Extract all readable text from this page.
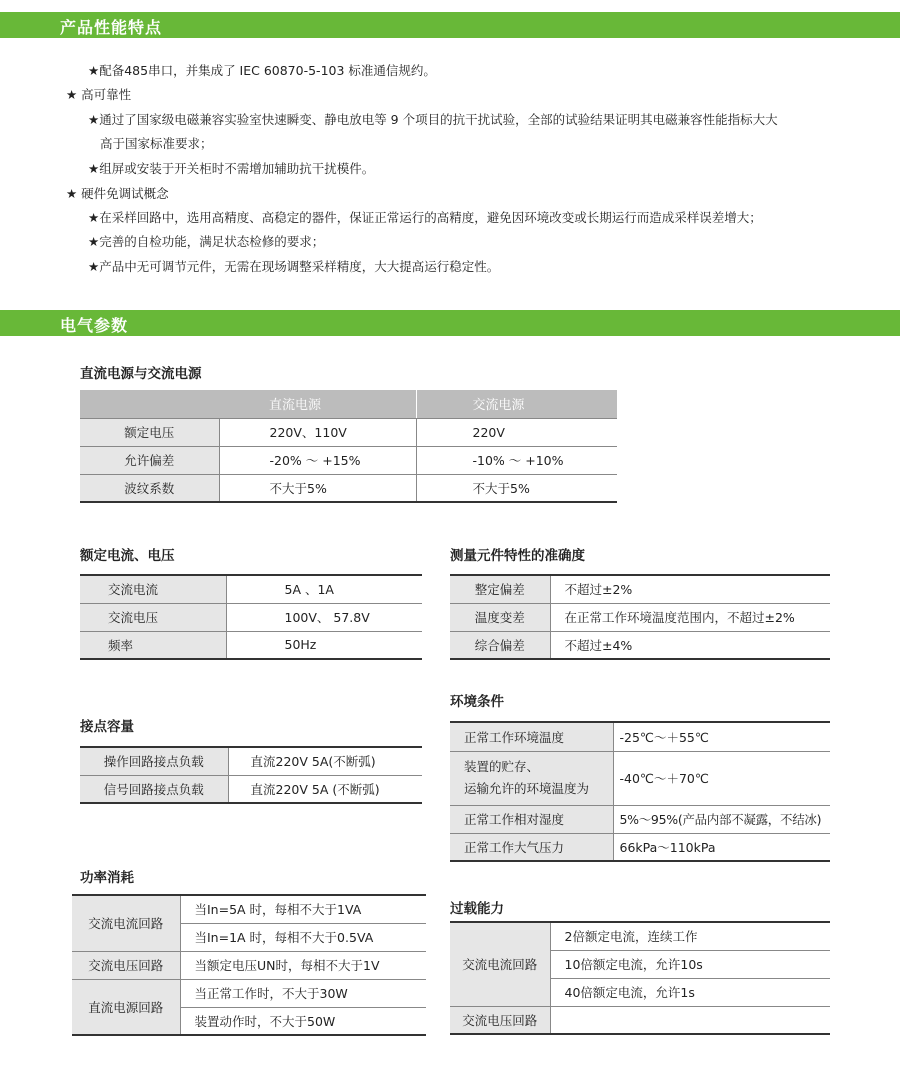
产品性能特点
电气参数
★配备485串口，并集成了 IEC 60870-5-103 标准通信规约。
★ 高可靠性
★通过了国家级电磁兼容实验室快速瞬变、静电放电等 9 个项目的抗干扰试验，全部的试验结果证明其电磁兼容性能指标大大
高于国家标准要求；
★组屏或安装于开关柜时不需增加辅助抗干扰模件。
★ 硬件免调试概念
★在采样回路中，选用高精度、高稳定的器件，保证正常运行的高精度，避免因环境改变或长期运行而造成采样误差增大；
★完善的自检功能，满足状态检修的要求；
★产品中无可调节元件，无需在现场调整采样精度，大大提高运行稳定性。
直流电源与交流电源
	直流电源	交流电源
额定电压	220V、110V	220V
允许偏差	-20% ～ +15%	-10% ～ +10%
波纹系数	不大于5%	不大于5%
额定电流、电压
交流电流	5A 、1A
交流电压	100V、 57.8V
频率	50Hz
测量元件特性的准确度
整定偏差	不超过±2%
温度变差	在正常工作环境温度范围内，不超过±2%
综合偏差	不超过±4%
接点容量
操作回路接点负载	直流220V 5A(不断弧)
信号回路接点负载	直流220V 5A (不断弧)
环境条件
正常工作环境温度	-25℃～＋55℃

装置的贮存、
运输允许的环境温度为	-40℃～＋70℃
正常工作相对湿度	5%～95%(产品内部不凝露，不结冰)
正常工作大气压力	66kPa～110kPa
功率消耗
交流电流回路	当In=5A 时，每相不大于1VA
	当In=1A 时，每相不大于0.5VA
交流电压回路	当额定电压UN时，每相不大于1V
直流电源回路	当正常工作时，不大于30W
	装置动作时，不大于50W
过载能力
交流电流回路	2倍额定电流，连续工作
	10倍额定电流，允许10s
	40倍额定电流，允许1s
交流电压回路	
